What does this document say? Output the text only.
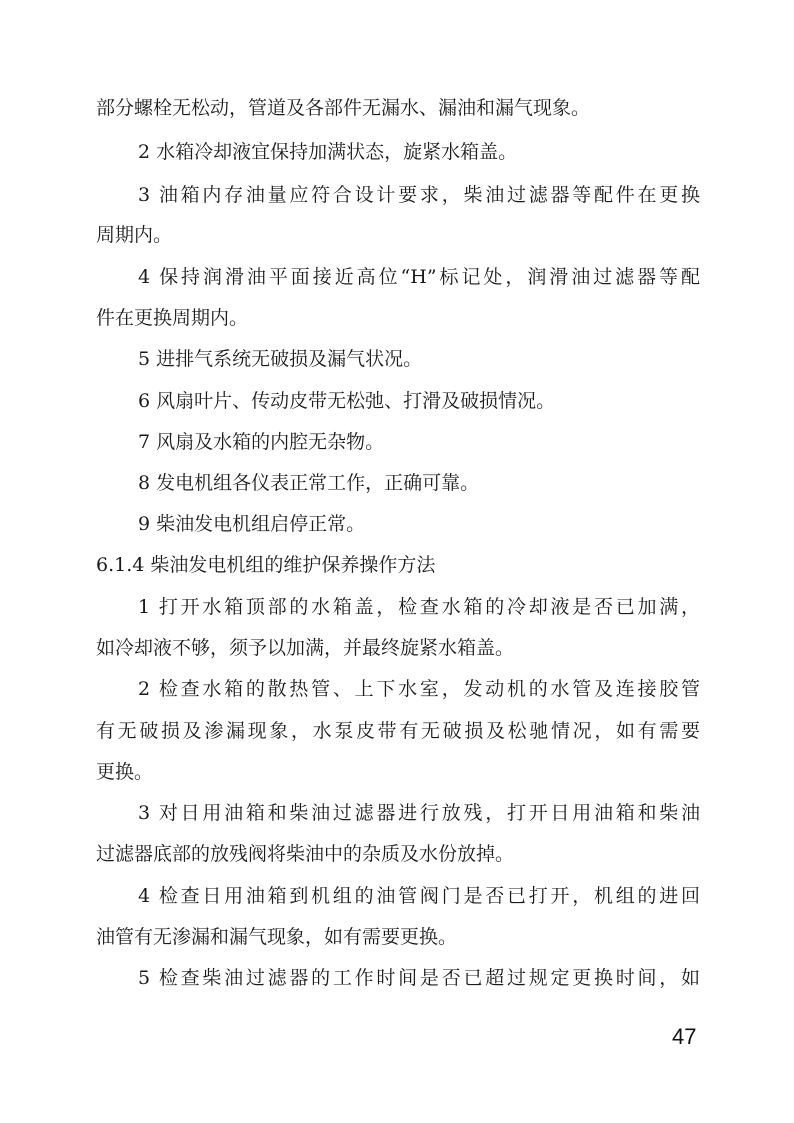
部分螺栓无松动，管道及各部件无漏水、漏油和漏气现象。
2 水箱冷却液宜保持加满状态，旋紧水箱盖。
3 油箱内存油量应符合设计要求，柴油过滤器等配件在更换
周期内。
4 保持润滑油平面接近高位“H”标记处，润滑油过滤器等配
件在更换周期内。
5 进排气系统无破损及漏气状况。
6 风扇叶片、传动皮带无松弛、打滑及破损情况。
7 风扇及水箱的内腔无杂物。
8 发电机组各仪表正常工作，正确可靠。
9 柴油发电机组启停正常。
6.1.4 柴油发电机组的维护保养操作方法
1 打开水箱顶部的水箱盖，检查水箱的冷却液是否已加满，
如冷却液不够，须予以加满，并最终旋紧水箱盖。
2 检查水箱的散热管、上下水室，发动机的水管及连接胶管
有无破损及渗漏现象，水泵皮带有无破损及松驰情况，如有需要
更换。
3 对日用油箱和柴油过滤器进行放残，打开日用油箱和柴油
过滤器底部的放残阀将柴油中的杂质及水份放掉。
4 检查日用油箱到机组的油管阀门是否已打开，机组的进回
油管有无渗漏和漏气现象，如有需要更换。
5 检查柴油过滤器的工作时间是否已超过规定更换时间，如
47
